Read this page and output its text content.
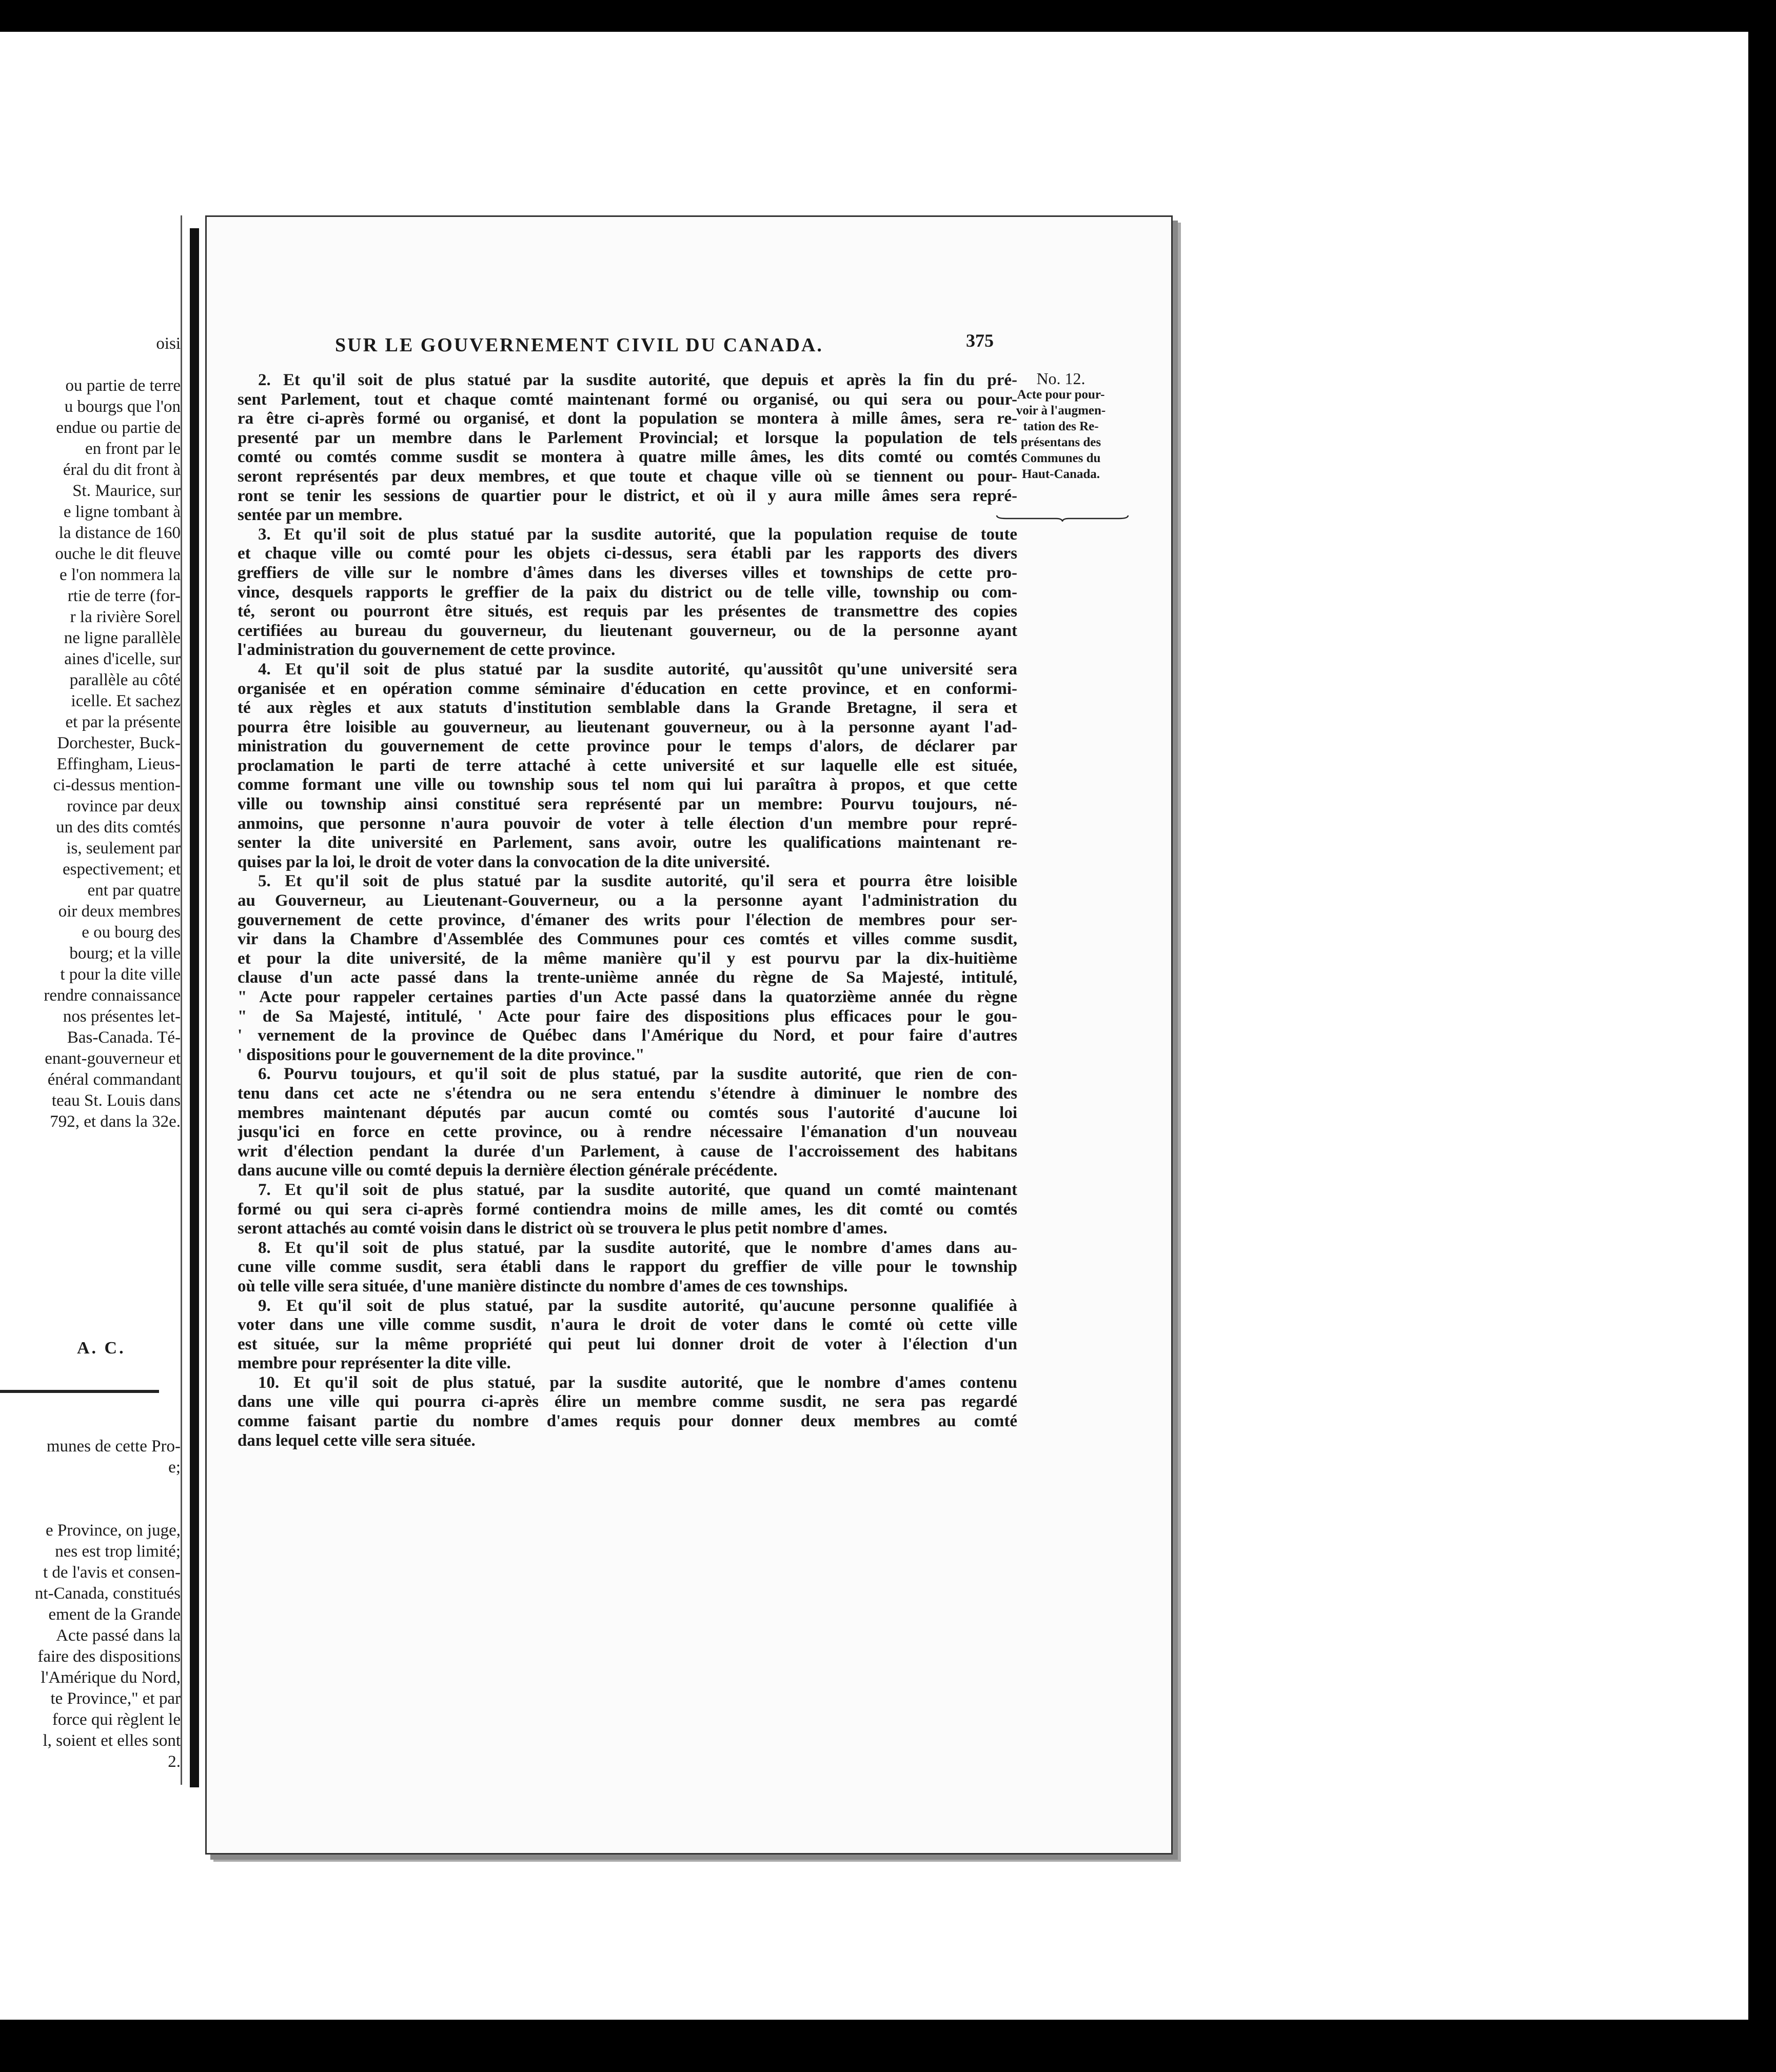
oisi
ou partie de terre
u bourgs que l'on
endue ou partie de
en front par le
éral du dit front à
St. Maurice, sur
e ligne tombant à
la distance de 160
ouche le dit fleuve
e l'on nommera la
rtie de terre (for-
r la rivière Sorel
ne ligne parallèle
aines d'icelle, sur
parallèle au côté
icelle. Et sachez
et par la présente
Dorchester, Buck-
Effingham, Lieus-
ci-dessus mention-
rovince par deux
un des dits comtés
is, seulement par
espectivement; et
ent par quatre
oir deux membres
e ou bourg des
bourg; et la ville
t pour la dite ville
rendre connaissance
nos présentes let-
Bas-Canada. Té-
enant-gouverneur et
énéral commandant
teau St. Louis dans
792, et dans la 32e.
A. C.
munes de cette Pro-
e;
e Province, on juge,
nes est trop limité;
t de l'avis et consen-
nt-Canada, constitués
ement de la Grande
Acte passé dans la
faire des dispositions
l'Amérique du Nord,
te Province," et par
force qui règlent le
l, soient et elles sont
2.
SUR LE GOUVERNEMENT CIVIL DU CANADA.	375
2. Et qu'il soit de plus statué par la susdite autorité, que depuis et après la fin du pré-
sent Parlement, tout et chaque comté maintenant formé ou organisé, ou qui sera ou pour-
ra être ci-après formé ou organisé, et dont la population se montera à mille âmes, sera re-
presenté par un membre dans le Parlement Provincial; et lorsque la population de tels
comté ou comtés comme susdit se montera à quatre mille âmes, les dits comté ou comtés
seront représentés par deux membres, et que toute et chaque ville où se tiennent ou pour-
ront se tenir les sessions de quartier pour le district, et où il y aura mille âmes sera repré-
sentée par un membre.
3. Et qu'il soit de plus statué par la susdite autorité, que la population requise de toute
et chaque ville ou comté pour les objets ci-dessus, sera établi par les rapports des divers
greffiers de ville sur le nombre d'âmes dans les diverses villes et townships de cette pro-
vince, desquels rapports le greffier de la paix du district ou de telle ville, township ou com-
té, seront ou pourront être situés, est requis par les présentes de transmettre des copies
certifiées au bureau du gouverneur, du lieutenant gouverneur, ou de la personne ayant
l'administration du gouvernement de cette province.
4. Et qu'il soit de plus statué par la susdite autorité, qu'aussitôt qu'une université sera
organisée et en opération comme séminaire d'éducation en cette province, et en conformi-
té aux règles et aux statuts d'institution semblable dans la Grande Bretagne, il sera et
pourra être loisible au gouverneur, au lieutenant gouverneur, ou à la personne ayant l'ad-
ministration du gouvernement de cette province pour le temps d'alors, de déclarer par
proclamation le parti de terre attaché à cette université et sur laquelle elle est située,
comme formant une ville ou township sous tel nom qui lui paraîtra à propos, et que cette
ville ou township ainsi constitué sera représenté par un membre: Pourvu toujours, né-
anmoins, que personne n'aura pouvoir de voter à telle élection d'un membre pour repré-
senter la dite université en Parlement, sans avoir, outre les qualifications maintenant re-
quises par la loi, le droit de voter dans la convocation de la dite université.
5. Et qu'il soit de plus statué par la susdite autorité, qu'il sera et pourra être loisible
au Gouverneur, au Lieutenant-Gouverneur, ou a la personne ayant l'administration du
gouvernement de cette province, d'émaner des writs pour l'élection de membres pour ser-
vir dans la Chambre d'Assemblée des Communes pour ces comtés et villes comme susdit,
et pour la dite université, de la même manière qu'il y est pourvu par la dix-huitième
clause d'un acte passé dans la trente-unième année du règne de Sa Majesté, intitulé,
" Acte pour rappeler certaines parties d'un Acte passé dans la quatorzième année du règne
" de Sa Majesté, intitulé, ' Acte pour faire des dispositions plus efficaces pour le gou-
' vernement de la province de Québec dans l'Amérique du Nord, et pour faire d'autres
' dispositions pour le gouvernement de la dite province."
6. Pourvu toujours, et qu'il soit de plus statué, par la susdite autorité, que rien de con-
tenu dans cet acte ne s'étendra ou ne sera entendu s'étendre à diminuer le nombre des
membres maintenant députés par aucun comté ou comtés sous l'autorité d'aucune loi
jusqu'ici en force en cette province, ou à rendre nécessaire l'émanation d'un nouveau
writ d'élection pendant la durée d'un Parlement, à cause de l'accroissement des habitans
dans aucune ville ou comté depuis la dernière élection générale précédente.
7. Et qu'il soit de plus statué, par la susdite autorité, que quand un comté maintenant
formé ou qui sera ci-après formé contiendra moins de mille ames, les dit comté ou comtés
seront attachés au comté voisin dans le district où se trouvera le plus petit nombre d'ames.
8. Et qu'il soit de plus statué, par la susdite autorité, que le nombre d'ames dans au-
cune ville comme susdit, sera établi dans le rapport du greffier de ville pour le township
où telle ville sera située, d'une manière distincte du nombre d'ames de ces townships.
9. Et qu'il soit de plus statué, par la susdite autorité, qu'aucune personne qualifiée à
voter dans une ville comme susdit, n'aura le droit de voter dans le comté où cette ville
est située, sur la même propriété qui peut lui donner droit de voter à l'élection d'un
membre pour représenter la dite ville.
10. Et qu'il soit de plus statué, par la susdite autorité, que le nombre d'ames contenu
dans une ville qui pourra ci-après élire un membre comme susdit, ne sera pas regardé
comme faisant partie du nombre d'ames requis pour donner deux membres au comté
dans lequel cette ville sera située.
No. 12.
Acte pour pour-
voir à l'augmen-
tation des Re-
présentans des
Communes du
Haut-Canada.
